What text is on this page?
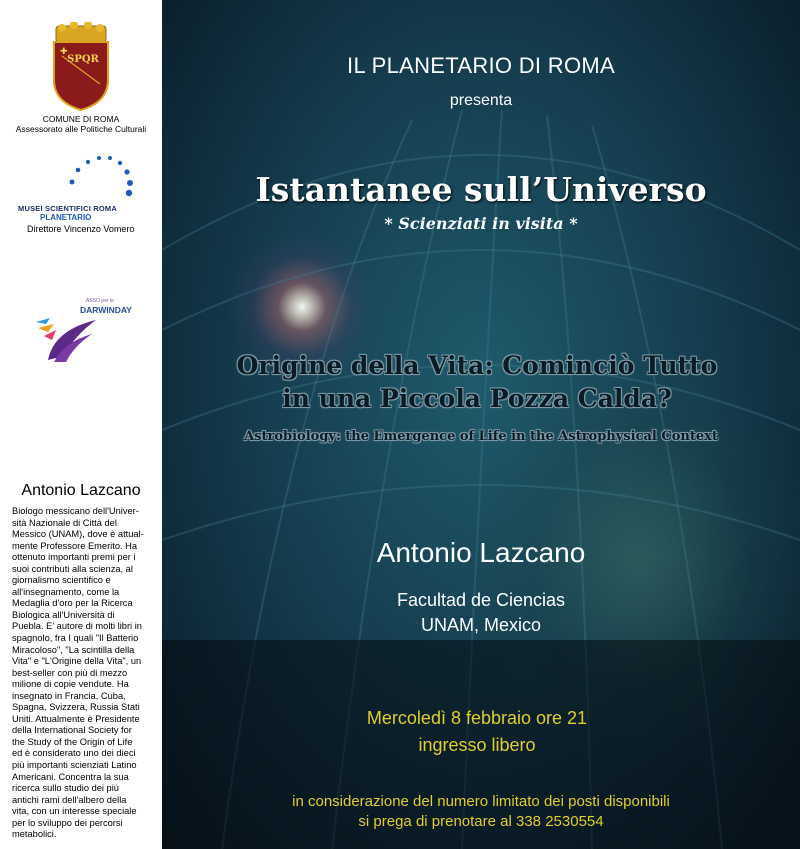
✚
SPQR
COMUNE DI ROMA
Assessorato alle Politiche Culturali
MUSEI SCIENTIFICI ROMA
PLANETARIO
Direttore Vincenzo Vomero
ASSO per le
DARWINDAY
Antonio Lazcano
Biologo messicano dell'Univer-
sità Nazionale di Città del
Messico (UNAM), dove è attual-
mente Professore Emerito. Ha
ottenuto importanti premi per i
suoi contributi alla scienza, al
giornalismo scientifico e
all'insegnamento, come la
Medaglia d'oro per la Ricerca
Biologica all'Università di
Puebla. E' autore di molti libri in
spagnolo, fra I quali "Il Batterio
Miracoloso", "La scintilla della
Vita" e "L'Origine della Vita", un
best-seller con più di mezzo
milione di copie vendute. Ha
insegnato in Francia, Cuba,
Spagna, Svizzera, Russia Stati
Uniti. Attualmente è Presidente
della International Society for
the Study of the Origin of Life
ed è considerato uno dei dieci
più importanti scienziati Latino
Americani. Concentra la sua
ricerca sullo studio dei più
antichi rami dell'albero della
vita, con un interesse speciale
per lo sviluppo dei percorsi
metabolici.
IL PLANETARIO DI ROMA
presenta
Istantanee sull’Universo
* Scienziati in visita *
Origine della Vita: Cominciò Tutto
in una Piccola Pozza Calda?
Astrobiology: the Emergence of Life in the Astrophysical Context
Antonio Lazcano
Facultad de Ciencias
UNAM, Mexico
Mercoledì 8 febbraio ore 21
ingresso libero
in considerazione del numero limitato dei posti disponibili
si prega di prenotare al 338 2530554
